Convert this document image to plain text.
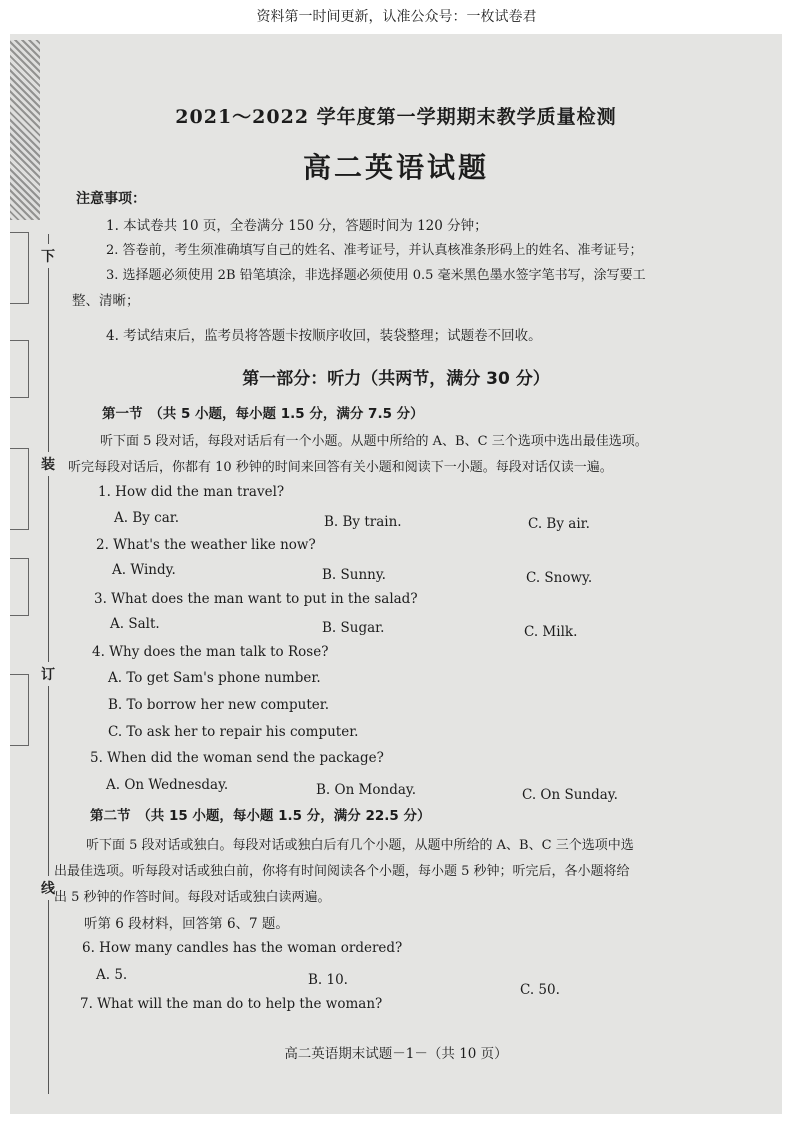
资料第一时间更新，认准公众号：一枚试卷君
下
装
订
线
2021～2022 学年度第一学期期末教学质量检测
高二英语试题
注意事项：
1. 本试卷共 10 页，全卷满分 150 分，答题时间为 120 分钟；
2. 答卷前，考生须准确填写自己的姓名、准考证号，并认真核准条形码上的姓名、准考证号；
3. 选择题必须使用 2B 铅笔填涂，非选择题必须使用 0.5 毫米黑色墨水签字笔书写，涂写要工
整、清晰；
4. 考试结束后，监考员将答题卡按顺序收回，装袋整理；试题卷不回收。
第一部分：听力（共两节，满分 30 分）
第一节　（共 5 小题，每小题 1.5 分，满分 7.5 分）
听下面 5 段对话，每段对话后有一个小题。从题中所给的 A、B、C 三个选项中选出最佳选项。
听完每段对话后，你都有 10 秒钟的时间来回答有关小题和阅读下一小题。每段对话仅读一遍。
1. How did the man travel?
A. By car.	B. By train.	C. By air.
2. What's the weather like now?
A. Windy.	B. Sunny.	C. Snowy.
3. What does the man want to put in the salad?
A. Salt.	B. Sugar.	C. Milk.
4. Why does the man talk to Rose?
A. To get Sam's phone number.
B. To borrow her new computer.
C. To ask her to repair his computer.
5. When did the woman send the package?
A. On Wednesday.	B. On Monday.	C. On Sunday.
第二节　（共 15 小题，每小题 1.5 分，满分 22.5 分）
听下面 5 段对话或独白。每段对话或独白后有几个小题，从题中所给的 A、B、C 三个选项中选
出最佳选项。听每段对话或独白前，你将有时间阅读各个小题，每小题 5 秒钟；听完后，各小题将给
出 5 秒钟的作答时间。每段对话或独白读两遍。
听第 6 段材料，回答第 6、7 题。
6. How many candles has the woman ordered?
A. 5.	B. 10.
C. 50.
7. What will the man do to help the woman?
高二英语期末试题－1－（共 10 页）
